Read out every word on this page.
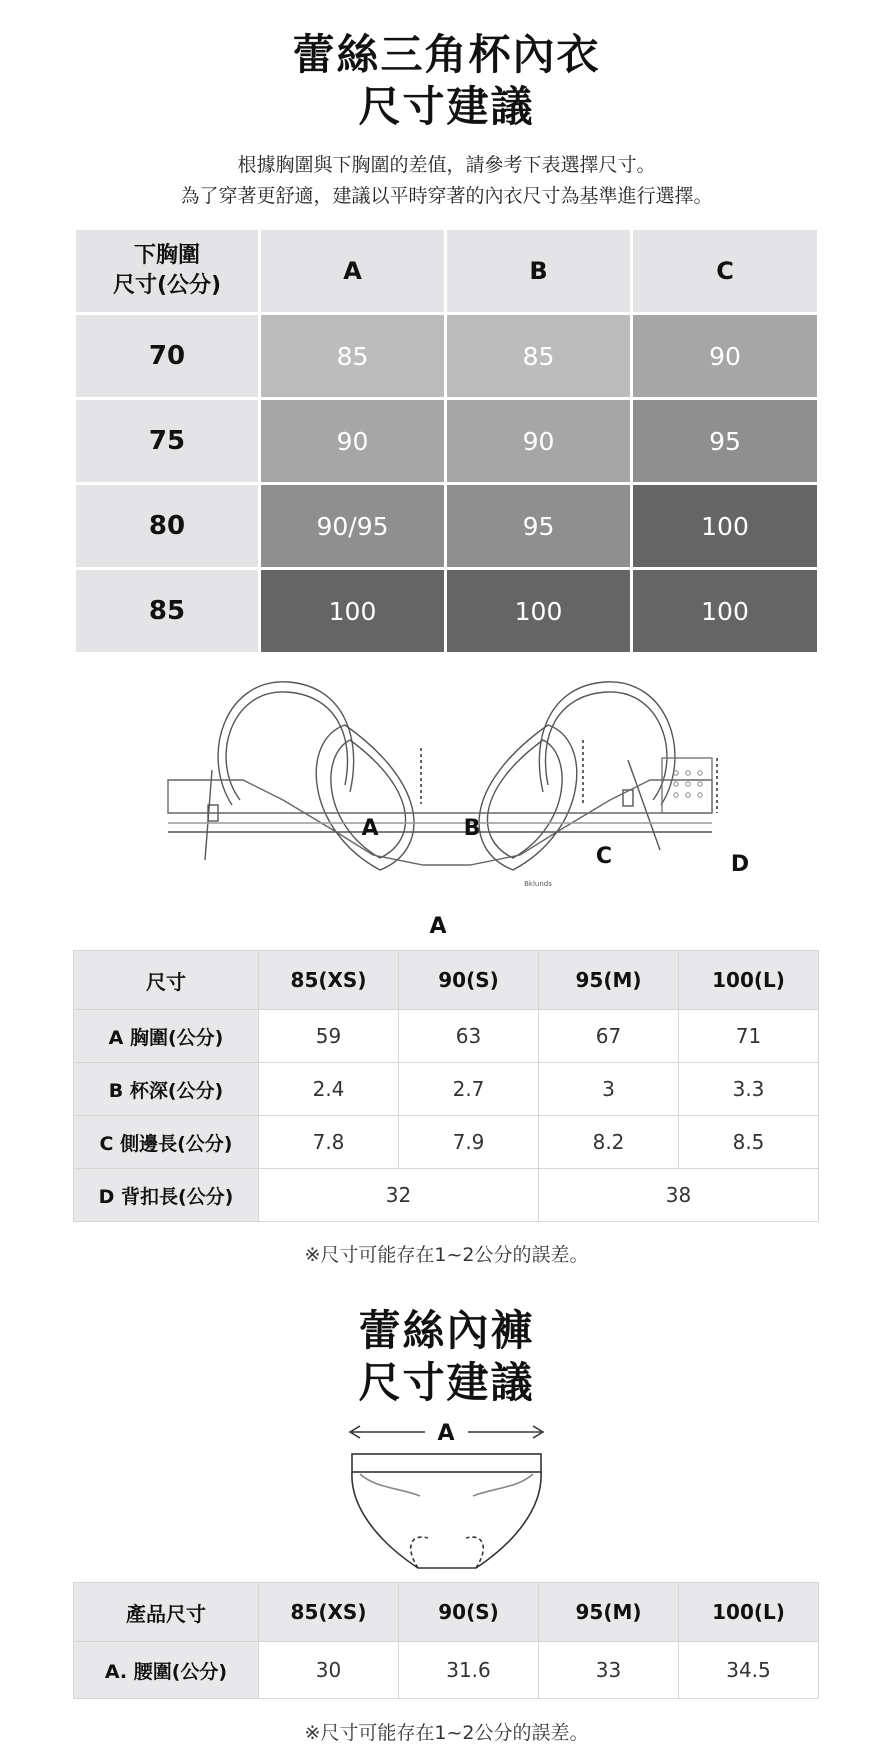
蕾絲三角杯內衣
尺寸建議
根據胸圍與下胸圍的差值，請參考下表選擇尺寸。
為了穿著更舒適，建議以平時穿著的內衣尺寸為基準進行選擇。
下胸圍
尺寸(公分)	A	B	C
70	85	85	90
75	90	90	95
80	90/95	95	100
85	100	100	100
A	B
C	D
A
Bklunds
尺寸	85(XS)	90(S)	95(M)	100(L)
A 胸圍(公分)	59	63	67	71
B 杯深(公分)	2.4	2.7	3	3.3
C 側邊長(公分)	7.8	7.9	8.2	8.5
D 背扣長(公分)	32		38	
※尺寸可能存在1~2公分的誤差。
蕾絲內褲
尺寸建議
A
產品尺寸	85(XS)	90(S)	95(M)	100(L)
A. 腰圍(公分)	30	31.6	33	34.5
※尺寸可能存在1~2公分的誤差。
